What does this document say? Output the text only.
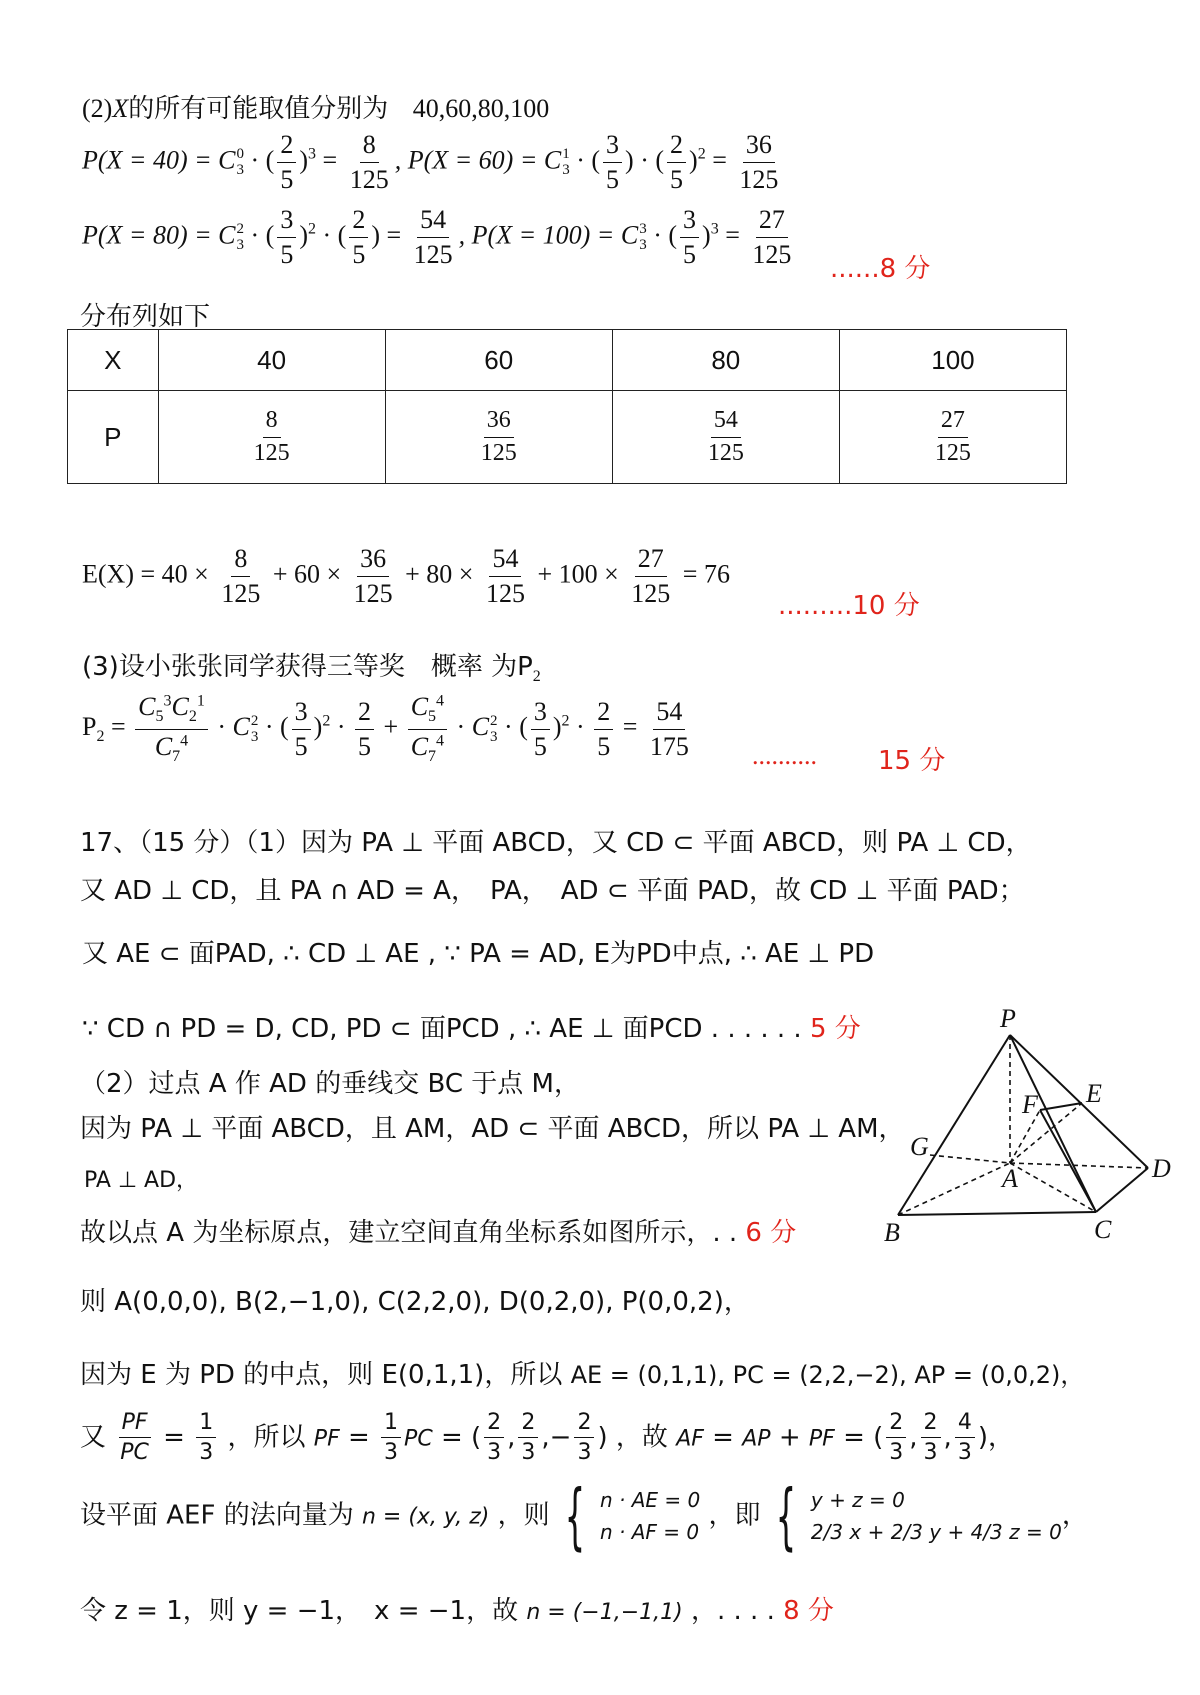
(2)X的所有可能取值分别为 40,60,80,100
P(X = 40) = C 0
3 · ( $\frac{2}{5} )^3 = \frac{8}{125}$ , P(X = 60) = C 1
3 · ( $\frac{3}{5}$ ) · ( $\frac{2}{5} )^2 = \frac{36}{125}$
P(X = 80) = C 2
3 · ( $\frac{3}{5} )^2$ · ( $\frac{2}{5}$ ) = $\frac{54}{125}$ , P(X = 100) = C 3
3 · ( $\frac{3}{5} )^3 = \frac{27}{125} ......8$ 分
分布列如下
X	40	60	80	100
P	$\frac{8}{125}$	$\frac{36}{125}$	$\frac{54}{125}$	$\frac{27}{125}$
$E(X) = 40 \times \frac{8}{125} + 60 \times \frac{36}{125} + 80 \times \frac{54}{125} + 100 \times \frac{27}{125} = 76$
.........10 分
(3)设小张张同学获得三等奖　概率 为$P_2$
$P_2 = \frac{C_5^3C_2^1}{C_7^4} \cdot C$ 2
3 · ( $\frac{3}{5} )^2 \cdot \frac{2}{5} + \frac{C_5^4}{C_7^4} \cdot C$ 2
3 · ( $\frac{3}{5} )^2 \cdot \frac{2}{5} = \frac{54}{175}$ .......... 15 分
17、（15 分）（1）因为 PA ⊥ 平面 ABCD，又 CD ⊂ 平面 ABCD，则 PA ⊥ CD，
又 AD ⊥ CD，且 PA ∩ AD = A，　PA，　AD ⊂ 平面 PAD，故 CD ⊥ 平面 PAD；
又 AE ⊂ 面PAD, ∴ CD ⊥ AE , ∵ PA = AD, E为PD中点, ∴ AE ⊥ PD
∵ CD ∩ PD = D, CD, PD ⊂ 面PCD , ∴ AE ⊥ 面PCD . . . . . . 5 分
（2）过点 A 作 AD 的垂线交 BC 于点 M，
因为 PA ⊥ 平面 ABCD，且 AM，AD ⊂ 平面 ABCD，所以 PA ⊥ AM，
PA ⊥ AD，
故以点 A 为坐标原点，建立空间直角坐标系如图所示，. . 6 分
则 A(0,0,0), B(2,−1,0), C(2,2,0), D(0,2,0), P(0,0,2)，
因为 E 为 PD 的中点，则 E(0,1,1)，所以 AE = (0,1,1), PC = (2,2,−2), AP = (0,0,2)，
又 $\frac{PF}{PC} = \frac{1}{3}$ ，所以 PF = $\frac{1}{3}$ PC = ( $\frac{2}{3}$ , $\frac{2}{3}$ ,− $\frac{2}{3}$ ) ，故 AF = AP + PF = ( $\frac{2}{3}$ , $\frac{2}{3}$ , $\frac{4}{3}$ )，
设平面 AEF 的法向量为 n = (x, y, z) ，则 { n · AE = 0
n · AF = 0
，即 { y + z = 0
2/3 x + 2/3 y + 4/3 z = 0
，
令 z = 1，则 y = −1，　x = −1，故 n = (−1,−1,1) ，. . . . 8 分
P
E
F
G
A	D
B	C
